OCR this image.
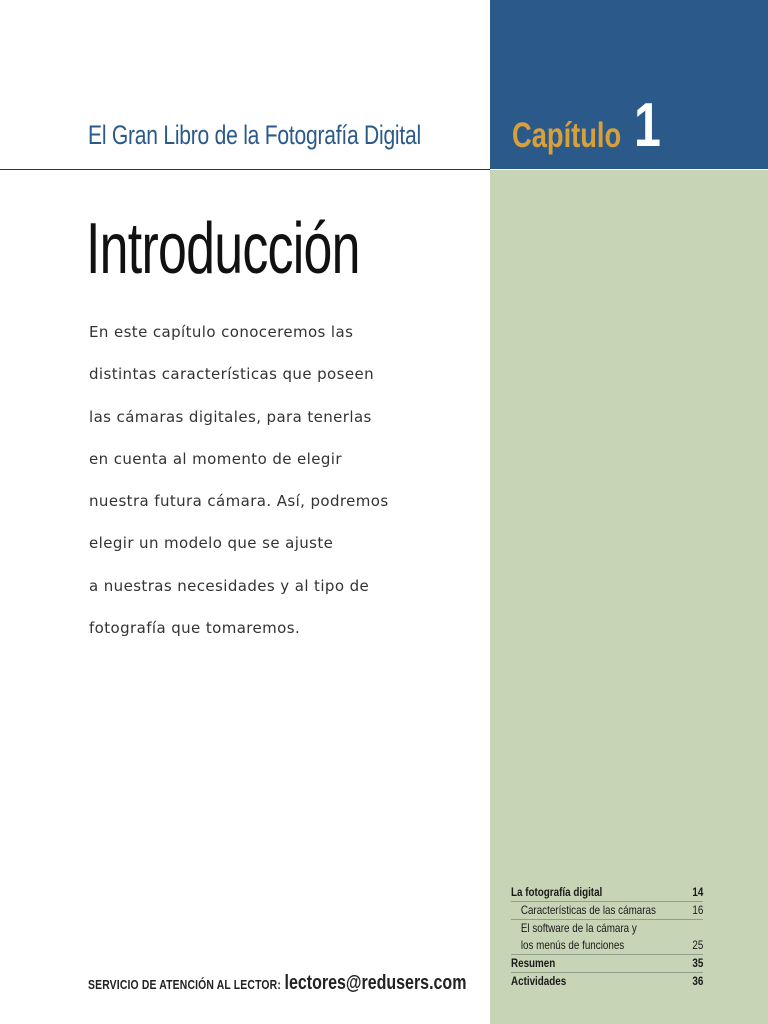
El Gran Libro de la Fotografía Digital	Capítulo 1
Introducción
En este capítulo conoceremos las
distintas características que poseen
las cámaras digitales, para tenerlas
en cuenta al momento de elegir
nuestra futura cámara. Así, podremos
elegir un modelo que se ajuste
a nuestras necesidades y al tipo de
fotografía que tomaremos.
SERVICIO DE ATENCIÓN AL LECTOR: lectores@redusers.com
La fotografía digital	14
Características de las cámaras	16
El software de la cámara y
los menús de funciones	25
Resumen	35
Actividades	36
